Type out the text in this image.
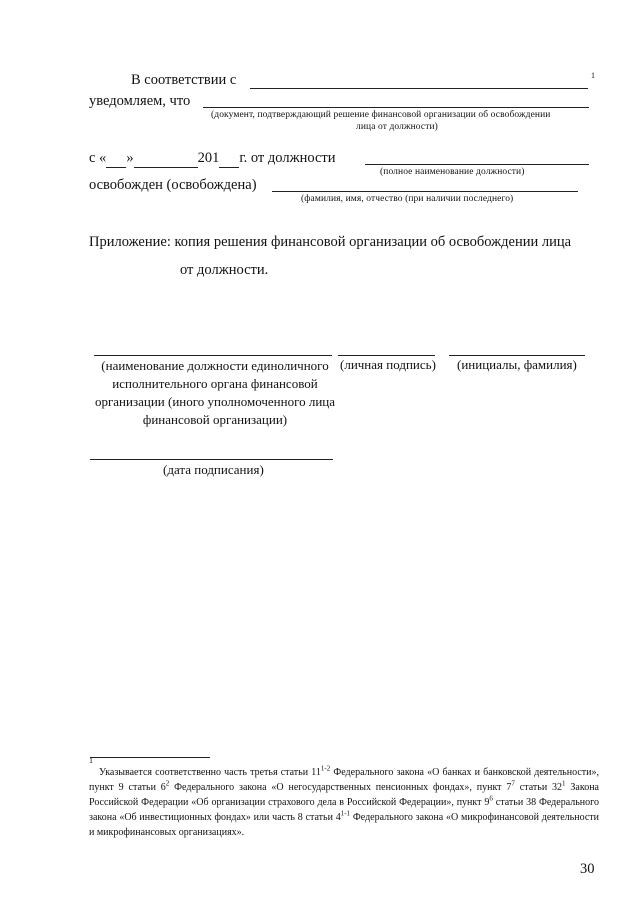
В соответствии с	1
уведомляем, что
(документ, подтверждающий решение финансовой организации об освобождении
лица от должности)
с « »	201 г. от должности
(полное наименование должности)
освобожден (освобождена)
(фамилия, имя, отчество (при наличии последнего)
Приложение: копия решения финансовой организации об освобождении лица
от должности.
(наименование должности единоличного
исполнительного органа финансовой
организации (иного уполномоченного лица
финансовой организации)
(личная подпись) (инициалы, фамилия)
(дата подписания)
1
Указывается соответственно часть третья статьи 11$^{1-2}$ Федерального закона «О банках и банковской деятельности», пункт 9 статьи $6^2$ Федерального закона «О негосударственных пенсионных фондах», пункт $7^7$ статьи $32^1$ Закона Российской Федерации «Об организации страхового дела в Российской Федерации», пункт $9^6$ статьи 38 Федерального закона «Об инвестиционных фондах» или часть 8 статьи 4$^{1-1}$ Федерального закона «О микрофинансовой деятельности и микрофинансовых организациях».
30
